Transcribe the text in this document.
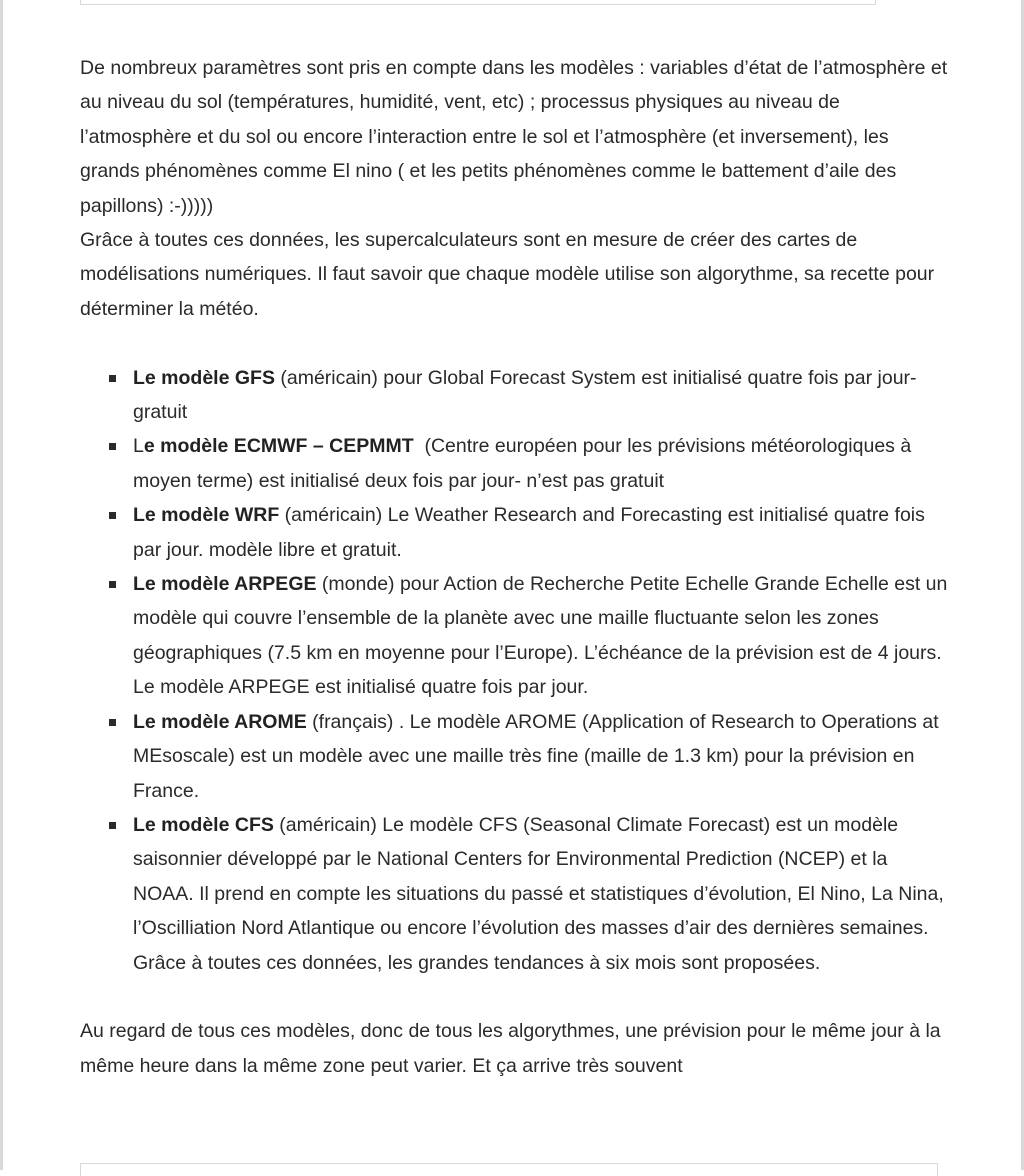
De nombreux paramètres sont pris en compte dans les modèles : variables d’état de l’atmosphère et au niveau du sol (températures, humidité, vent, etc) ; processus physiques au niveau de l’atmosphère et du sol ou encore l’interaction entre le sol et l’atmosphère (et inversement), les grands phénomènes comme El nino ( et les petits phénomènes comme le battement d’aile des papillons) :-)))))

Grâce à toutes ces données, les supercalculateurs sont en mesure de créer des cartes de modélisations numériques. Il faut savoir que chaque modèle utilise son algorythme, sa recette pour déterminer la météo.

Le modèle GFS (américain) pour Global Forecast System est initialisé quatre fois par jour- gratuit
Le modèle ECMWF – CEPMMT  (Centre européen pour les prévisions météorologiques à moyen terme) est initialisé deux fois par jour- n’est pas gratuit
Le modèle WRF (américain) Le Weather Research and Forecasting est initialisé quatre fois par jour. modèle libre et gratuit.
Le modèle ARPEGE (monde) pour Action de Recherche Petite Echelle Grande Echelle est un modèle qui couvre l’ensemble de la planète avec une maille fluctuante selon les zones géographiques (7.5 km en moyenne pour l’Europe). L’échéance de la prévision est de 4 jours. Le modèle ARPEGE est initialisé quatre fois par jour.
Le modèle AROME (français) . Le modèle AROME (Application of Research to Operations at MEsoscale) est un modèle avec une maille très fine (maille de 1.3 km) pour la prévision en France.
Le modèle CFS (américain) Le modèle CFS (Seasonal Climate Forecast) est un modèle saisonnier développé par le National Centers for Environmental Prediction (NCEP) et la NOAA. Il prend en compte les situations du passé et statistiques d’évolution, El Nino, La Nina, l’Oscilliation Nord Atlantique ou encore l’évolution des masses d’air des dernières semaines. Grâce à toutes ces données, les grandes tendances à six mois sont proposées.

Au regard de tous ces modèles, donc de tous les algorythmes, une prévision pour le même jour à la même heure dans la même zone peut varier. Et ça arrive très souvent
